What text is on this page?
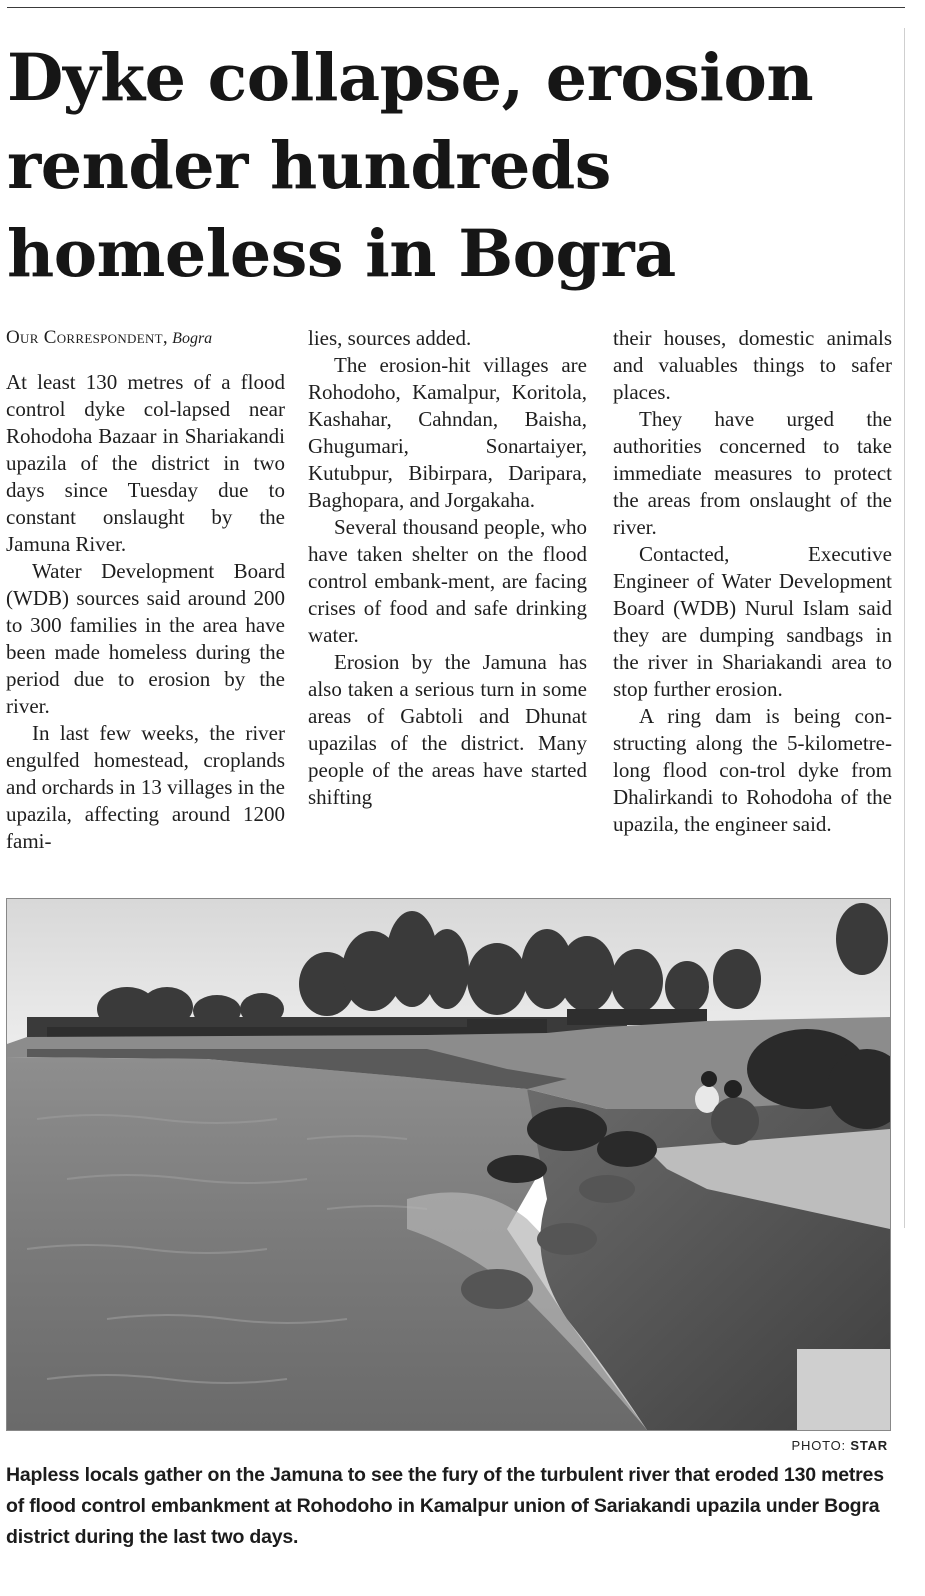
Dyke collapse, erosion render hundreds homeless in Bogra
Our Correspondent, Bogra

At least 130 metres of a flood control dyke col-lapsed near Rohodoha Bazaar in Shariakandi upazila of the district in two days since Tuesday due to constant onslaught by the Jamuna River.

Water Development Board (WDB) sources said around 200 to 300 families in the area have been made homeless during the period due to erosion by the river.

In last few weeks, the river engulfed homestead, croplands and orchards in 13 villages in the upazila, affecting around 1200 fami-

lies, sources added.

The erosion-hit villages are Rohodoho, Kamalpur, Koritola, Kashahar, Cahndan, Baisha, Ghugumari, Sonartaiyer, Kutubpur, Bibirpara, Daripara, Baghopara, and Jorgakaha.

Several thousand people, who have taken shelter on the flood control embank-ment, are facing crises of food and safe drinking water.

Erosion by the Jamuna has also taken a serious turn in some areas of Gabtoli and Dhunat upazilas of the district. Many people of the areas have started shifting

their houses, domestic animals and valuables things to safer places.

They have urged the authorities concerned to take immediate measures to protect the areas from onslaught of the river.

Contacted, Executive Engineer of Water Development Board (WDB) Nurul Islam said they are dumping sandbags in the river in Shariakandi area to stop further erosion.

A ring dam is being con-structing along the 5-kilometre-long flood con-trol dyke from Dhalirkandi to Rohodoha of the upazila, the engineer said.

PHOTO: STAR

Hapless locals gather on the Jamuna to see the fury of the turbulent river that eroded 130 metres of flood control embankment at Rohodoho in Kamalpur union of Sariakandi upazila under Bogra district during the last two days.
